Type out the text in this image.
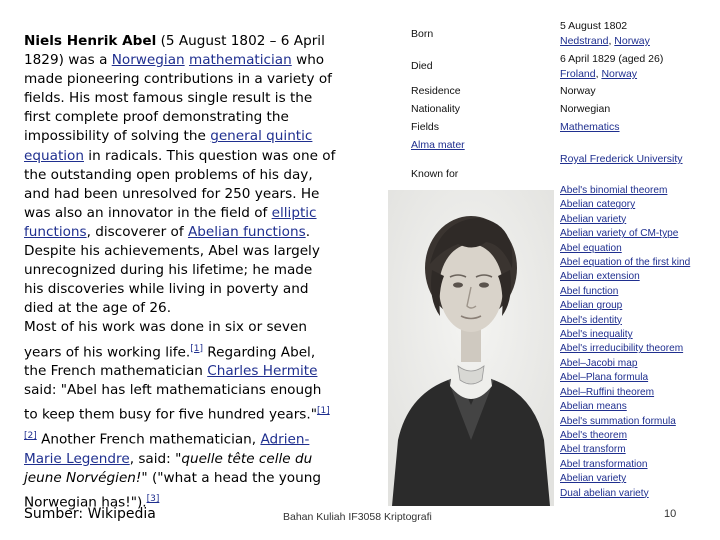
Niels Henrik Abel (5 August 1802 – 6 April 1829) was a Norwegian mathematician who made pioneering contributions in a variety of fields. His most famous single result is the first complete proof demonstrating the impossibility of solving the general quintic equation in radicals. This question was one of the outstanding open problems of his day, and had been unresolved for 250 years. He was also an innovator in the field of elliptic functions, discoverer of Abelian functions. Despite his achievements, Abel was largely unrecognized during his lifetime; he made his discoveries while living in poverty and died at the age of 26.

Most of his work was done in six or seven years of his working life.[1] Regarding Abel, the French mathematician Charles Hermite said: "Abel has left mathematicians enough to keep them busy for five hundred years."[1][2] Another French mathematician, Adrien-Marie Legendre, said: "quelle tête celle du jeune Norvégien!" ("what a head the young Norwegian has!").[3]

Sumber: Wikipedia
Born
Died
Residence
Nationality
Fields
Alma mater
Known for
5 August 1802
Nedstrand, Norway
6 April 1829 (aged 26)
Froland, Norway
Norway
Norwegian
Mathematics
Royal Frederick University
Abel's binomial theorem
Abelian category
Abelian variety
Abelian variety of CM-type
Abel equation
Abel equation of the first kind
Abelian extension
Abel function
Abelian group
Abel's identity
Abel's inequality
Abel's irreducibility theorem
Abel–Jacobi map
Abel–Plana formula
Abel–Ruffini theorem
Abelian means
Abel's summation formula
Abel's theorem
Abel transform
Abel transformation
Abelian variety
Dual abelian variety
Bahan Kuliah IF3058 Kriptografi	10
